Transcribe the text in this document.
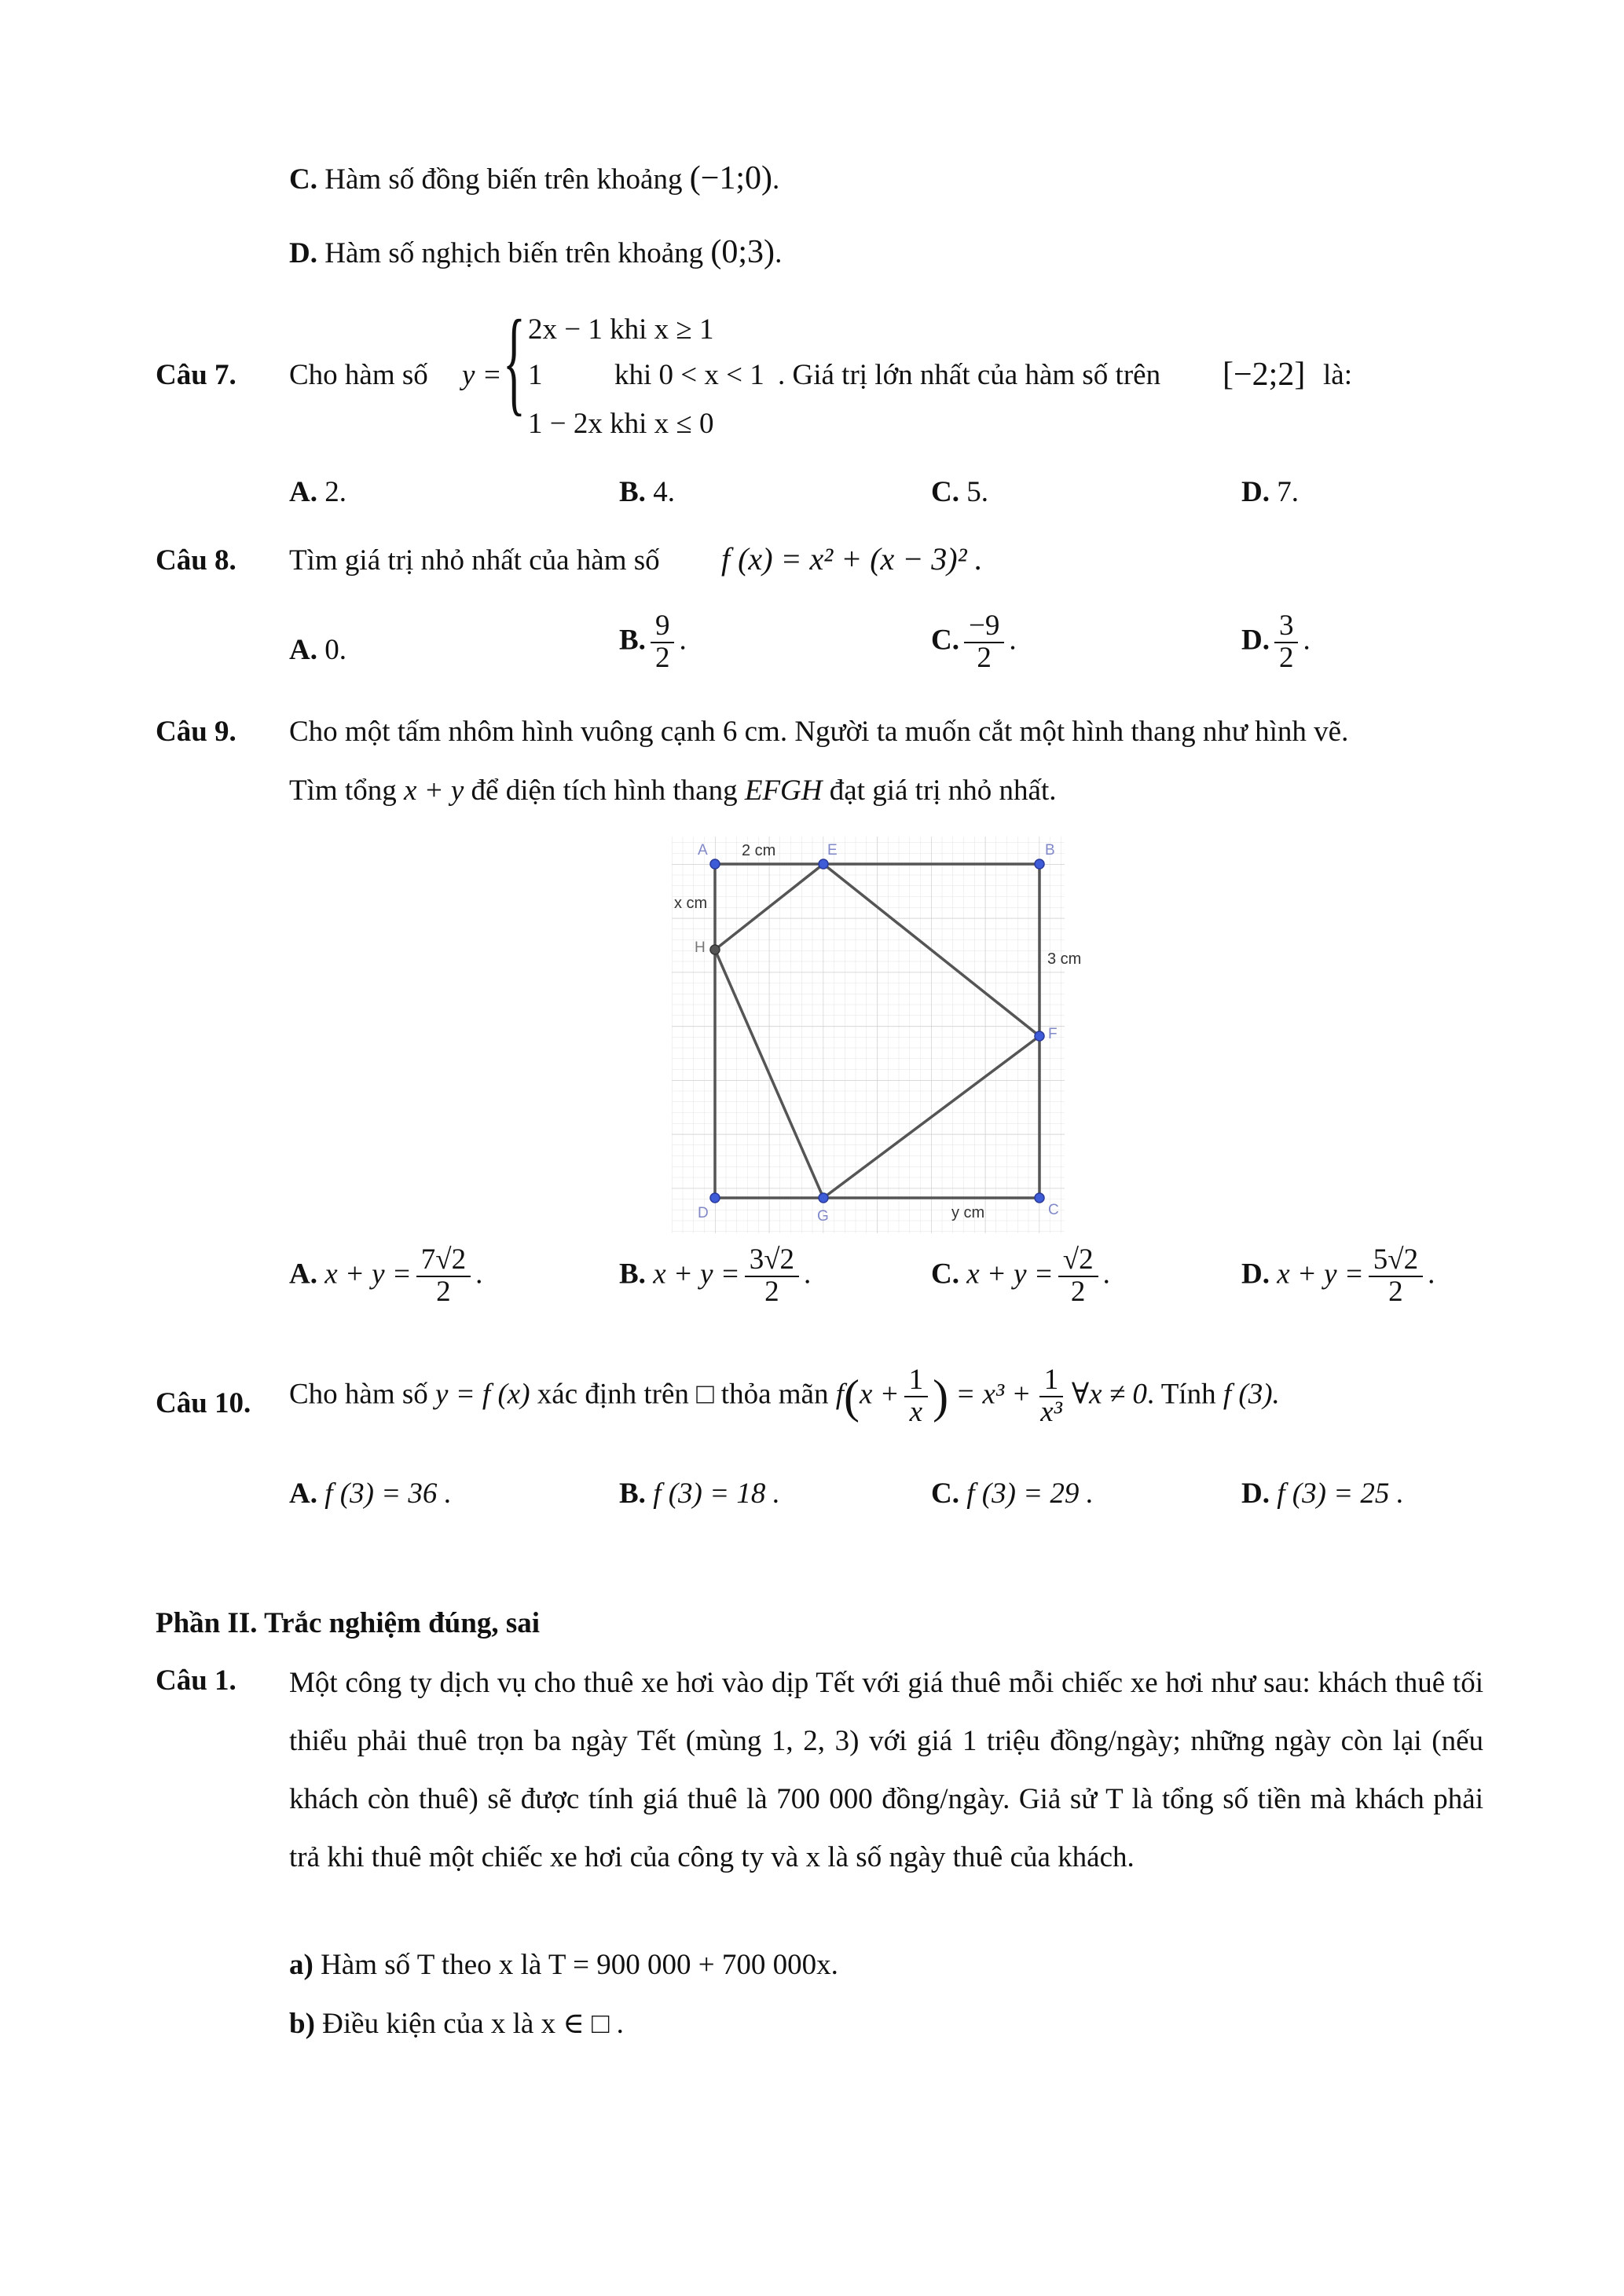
C. Hàm số đồng biến trên khoảng (−1;0).
D. Hàm số nghịch biến trên khoảng (0;3).
Câu 7. Cho hàm số y = { 2x − 1 khi x ≥ 1
1 khi 0 < x < 1
1 − 2x khi x ≤ 0
. Giá trị lớn nhất của hàm số trên [−2;2] là:
A. 2.	B. 4.	C. 5.	D. 7.
Câu 8. Tìm giá trị nhỏ nhất của hàm số f (x) = x² + (x − 3)² .
A. 0.	B. $\frac{9}{2}$ .	C. $\frac{-9}{2}$ .	D. $\frac{3}{2}$ .
Câu 9. Cho một tấm nhôm hình vuông cạnh 6 cm. Người ta muốn cắt một hình thang như hình vẽ.
Tìm tổng x + y để diện tích hình thang EFGH đạt giá trị nhỏ nhất.
A	E	B
H
F
D	G	C
2 cm
x cm
3 cm
y cm
A. $x + y = \frac{7√2}{2}$ .	B. $x + y = \frac{3√2}{2}$ .	C. $x + y = \frac{√2}{2}$ .	D. $x + y = \frac{5√2}{2}$ .
Câu 10. Cho hàm số y = f (x) xác định trên □ thỏa mãn $f(x + \frac{1}{x}$ ) = $x^3 + \frac{1}{\text{x³}}$ ∀x ≠ 0. Tính f (3).
A. f (3) = 36 .	B. f (3) = 18 .	C. f (3) = 29 .	D. f (3) = 25 .
Phần II. Trắc nghiệm đúng, sai
Câu 1. Một công ty dịch vụ cho thuê xe hơi vào dịp Tết với giá thuê mỗi chiếc xe hơi như sau: khách thuê tối thiểu phải thuê trọn ba ngày Tết (mùng 1, 2, 3) với giá 1 triệu đồng/ngày; những ngày còn lại (nếu khách còn thuê) sẽ được tính giá thuê là 700 000 đồng/ngày. Giả sử T là tổng số tiền mà khách phải trả khi thuê một chiếc xe hơi của công ty và x là số ngày thuê của khách.
a) Hàm số T theo x là T = 900 000 + 700 000x.
b) Điều kiện của x là x ∈ □ .
